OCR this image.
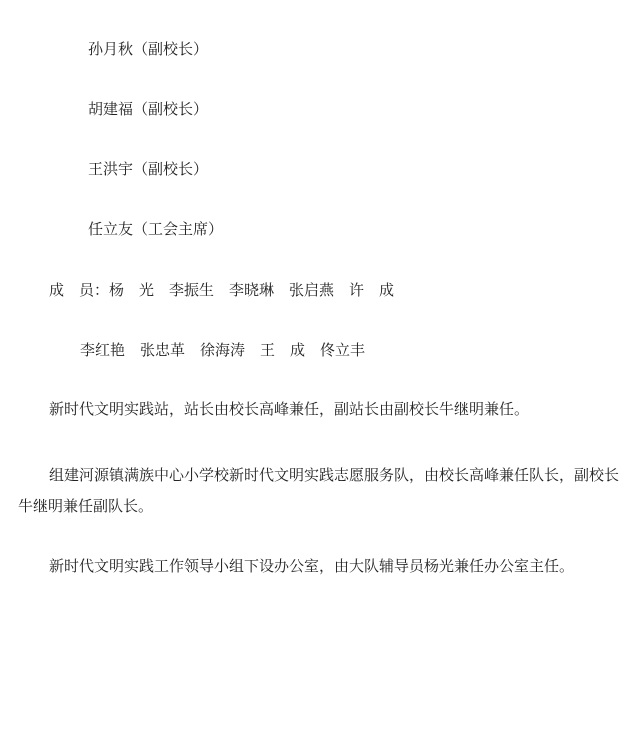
孙月秋（副校长）

胡建福（副校长）

王洪宇（副校长）

任立友（工会主席）

成　员：杨　光　李振生　李晓琳　张启燕　许　成

李红艳　张忠革　徐海涛　王　成　佟立丰

新时代文明实践站，站长由校长高峰兼任，副站长由副校长牛继明兼任。

组建河源镇满族中心小学校新时代文明实践志愿服务队，由校长高峰兼任队长，副校长牛继明兼任副队长。

新时代文明实践工作领导小组下设办公室，由大队辅导员杨光兼任办公室主任。
